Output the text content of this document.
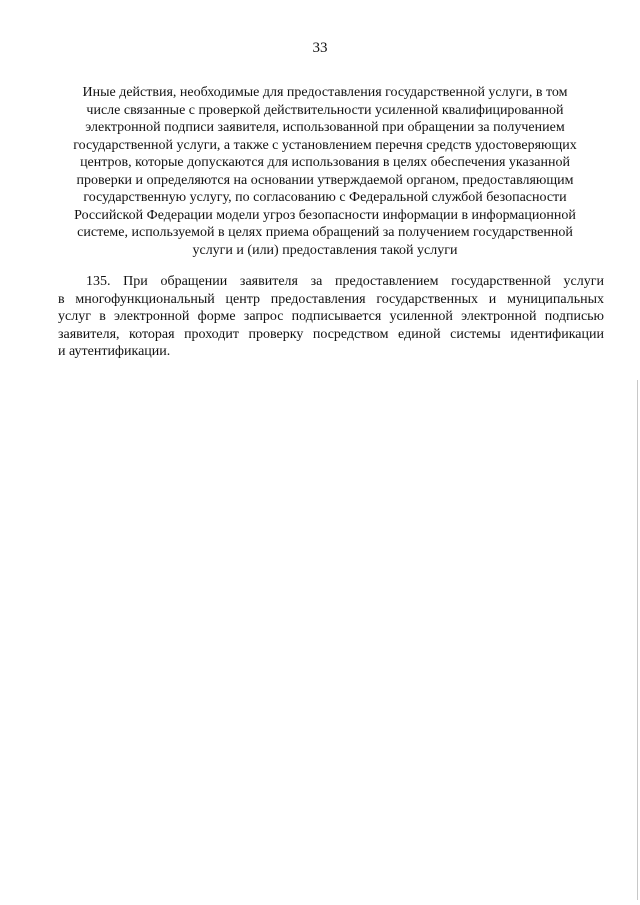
33
Иные действия, необходимые для предоставления государственной услуги, в том
числе связанные с проверкой действительности усиленной квалифицированной
электронной подписи заявителя, использованной при обращении за получением
государственной услуги, а также с установлением перечня средств удостоверяющих
центров, которые допускаются для использования в целях обеспечения указанной
проверки и определяются на основании утверждаемой органом, предоставляющим
государственную услугу, по согласованию с Федеральной службой безопасности
Российской Федерации модели угроз безопасности информации в информационной
системе, используемой в целях приема обращений за получением государственной
услуги и (или) предоставления такой услуги
135. При обращении заявителя за предоставлением государственной услуги
в многофункциональный центр предоставления государственных и муниципальных
услуг в электронной форме запрос подписывается усиленной электронной подписью
заявителя, которая проходит проверку посредством единой системы идентификации
и аутентификации.
